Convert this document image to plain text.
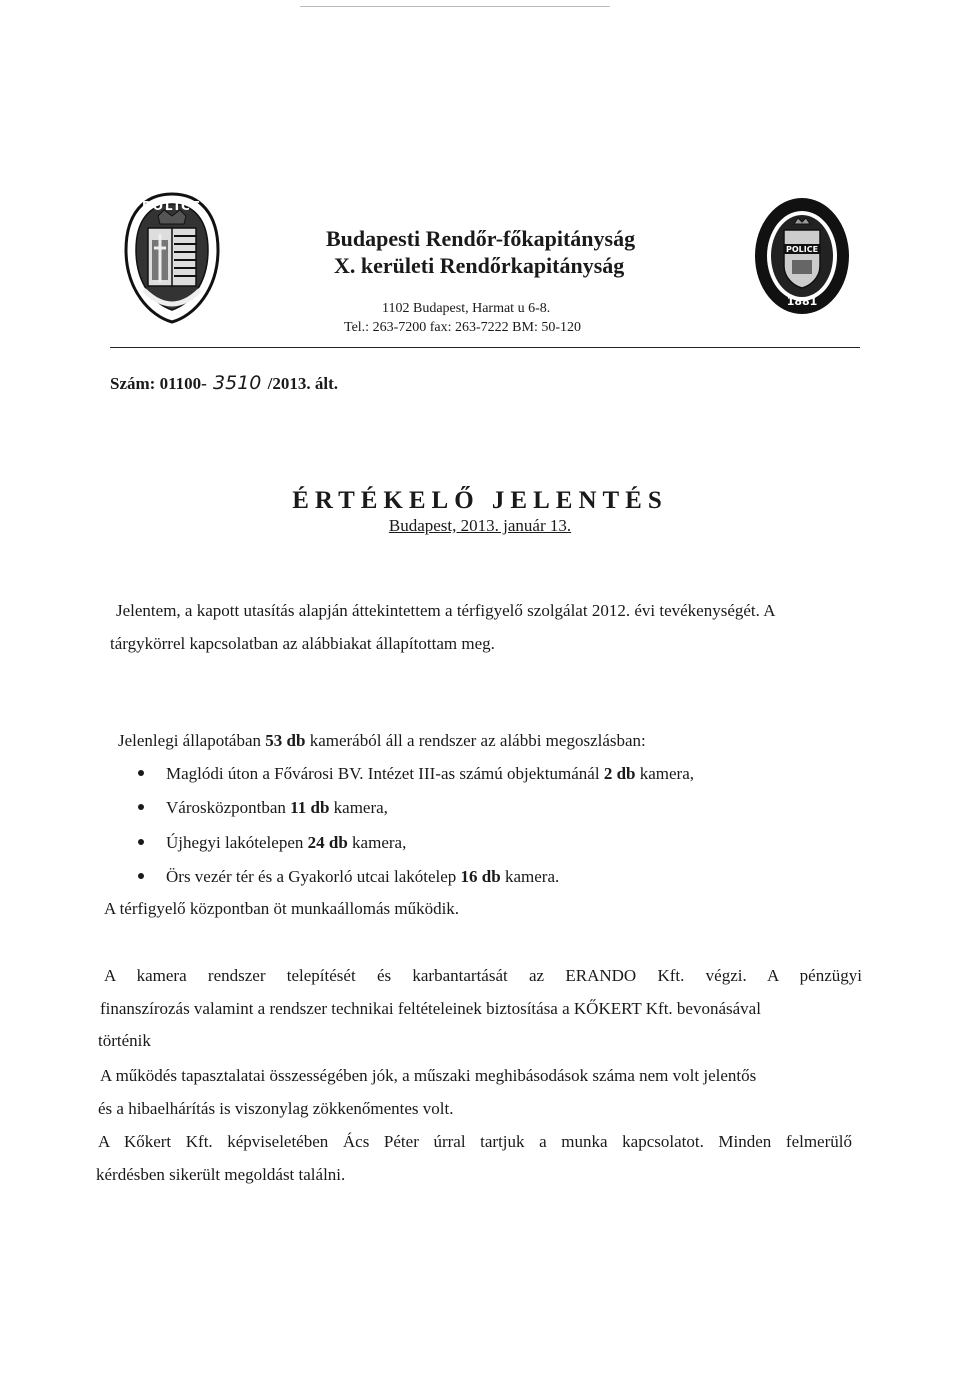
POLICE
POLICE
1881
Budapesti Rendőr-főkapitányság
X. kerületi Rendőrkapitányság
1102 Budapest, Harmat u 6-8.
Tel.: 263-7200 fax: 263-7222 BM: 50-120
Szám: 01100- 3510 /2013. ált.
ÉRTÉKELŐ JELENTÉS
Budapest, 2013. január 13.
Jelentem, a kapott utasítás alapján áttekintettem a térfigyelő szolgálat 2012. évi tevékenységét. A
tárgykörrel kapcsolatban az alábbiakat állapítottam meg.
Jelenlegi állapotában 53 db kamerából áll a rendszer az alábbi megoszlásban:
Maglódi úton a Fővárosi BV. Intézet III-as számú objektumánál 2 db kamera,
Városközpontban 11 db kamera,
Újhegyi lakótelepen 24 db kamera,
Örs vezér tér és a Gyakorló utcai lakótelep 16 db kamera.
A térfigyelő központban öt munkaállomás működik.
A kamera rendszer telepítését és karbantartását az ERANDO Kft. végzi. A pénzügyi
finanszírozás valamint a rendszer technikai feltételeinek biztosítása a KŐKERT Kft. bevonásával
történik
A működés tapasztalatai összességében jók, a műszaki meghibásodások száma nem volt jelentős
és a hibaelhárítás is viszonylag zökkenőmentes volt.
A Kőkert Kft. képviseletében Ács Péter úrral tartjuk a munka kapcsolatot. Minden felmerülő
kérdésben sikerült megoldást találni.
